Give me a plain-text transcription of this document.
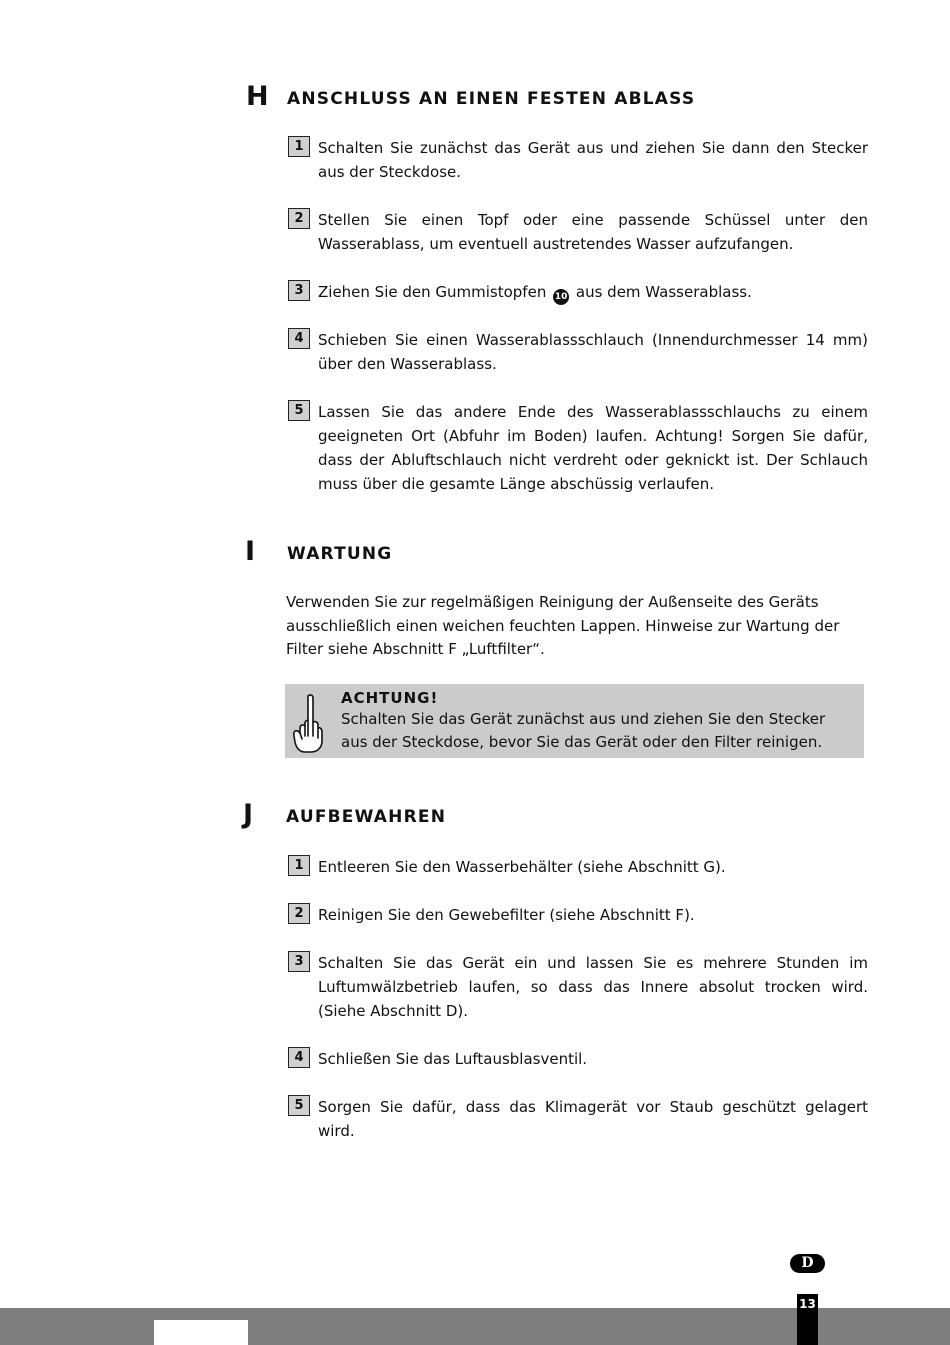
H ANSCHLUSS AN EINEN FESTEN ABLASS
1 Schalten Sie zunächst das Gerät aus und ziehen Sie dann den Stecker aus der Steckdose.
2 Stellen Sie einen Topf oder eine passende Schüssel unter den Wasserablass, um eventuell austretendes Wasser aufzufangen.
3 Ziehen Sie den Gummistopfen 10 aus dem Wasserablass.
4 Schieben Sie einen Wasserablassschlauch (Innendurchmesser 14 mm) über den Wasserablass.
5 Lassen Sie das andere Ende des Wasserablassschlauchs zu einem geeigneten Ort (Abfuhr im Boden) laufen. Achtung! Sorgen Sie dafür, dass der Abluftschlauch nicht verdreht oder geknickt ist. Der Schlauch muss über die gesamte Länge abschüssig verlaufen.
I WARTUNG
Verwenden Sie zur regelmäßigen Reinigung der Außenseite des Geräts ausschließlich einen weichen feuchten Lappen. Hinweise zur Wartung der Filter siehe Abschnitt F „Luftfilter“.
ACHTUNG!
Schalten Sie das Gerät zunächst aus und ziehen Sie den Stecker aus der Steckdose, bevor Sie das Gerät oder den Filter reinigen.
J AUFBEWAHREN
1 Entleeren Sie den Wasserbehälter (siehe Abschnitt G).
2 Reinigen Sie den Gewebefilter (siehe Abschnitt F).
3 Schalten Sie das Gerät ein und lassen Sie es mehrere Stunden im Luftumwälzbetrieb laufen, so dass das Innere absolut trocken wird. (Siehe Abschnitt D).
4 Schließen Sie das Luftausblasventil.
5 Sorgen Sie dafür, dass das Klimagerät vor Staub geschützt gelagert wird.
D
13
